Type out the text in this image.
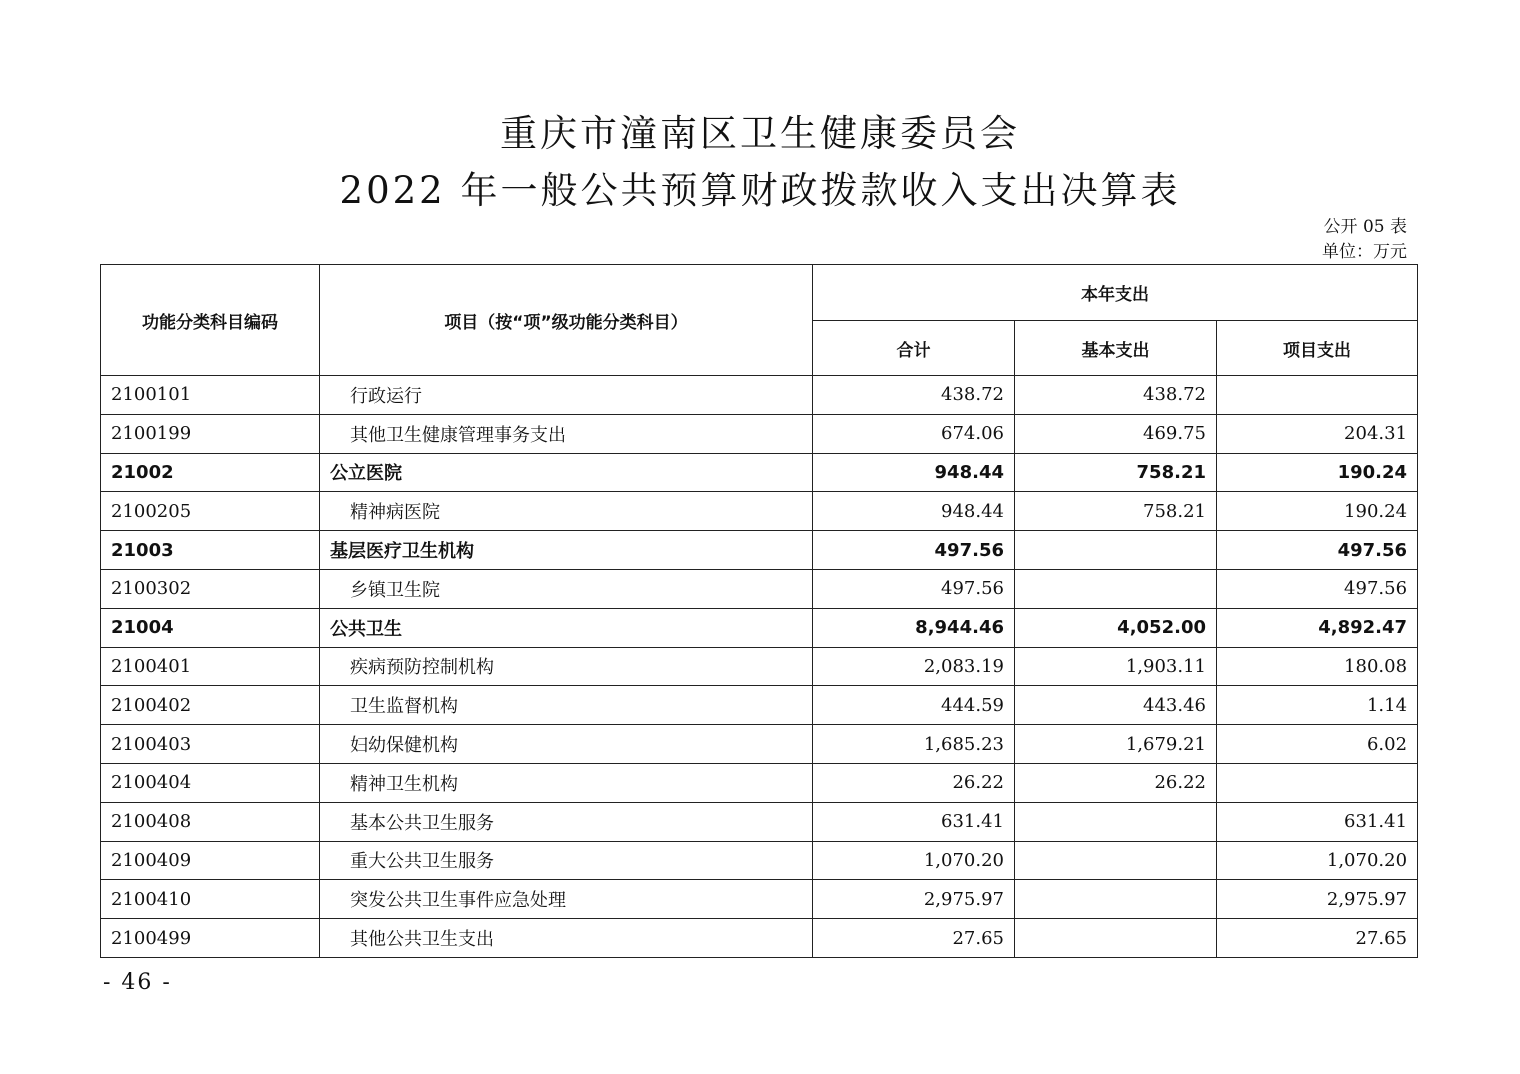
重庆市潼南区卫生健康委员会
2022 年一般公共预算财政拨款收入支出决算表
公开 05 表
单位：万元
功能分类科目编码	项目（按“项”级功能分类科目）	本年支出		
		合计	基本支出	项目支出
2100101	行政运行	438.72	438.72	
2100199	其他卫生健康管理事务支出	674.06	469.75	204.31
21002	公立医院	948.44	758.21	190.24
2100205	精神病医院	948.44	758.21	190.24
21003	基层医疗卫生机构	497.56		497.56
2100302	乡镇卫生院	497.56		497.56
21004	公共卫生	8,944.46	4,052.00	4,892.47
2100401	疾病预防控制机构	2,083.19	1,903.11	180.08
2100402	卫生监督机构	444.59	443.46	1.14
2100403	妇幼保健机构	1,685.23	1,679.21	6.02
2100404	精神卫生机构	26.22	26.22	
2100408	基本公共卫生服务	631.41		631.41
2100409	重大公共卫生服务	1,070.20		1,070.20
2100410	突发公共卫生事件应急处理	2,975.97		2,975.97
2100499	其他公共卫生支出	27.65		27.65
- 46 -
